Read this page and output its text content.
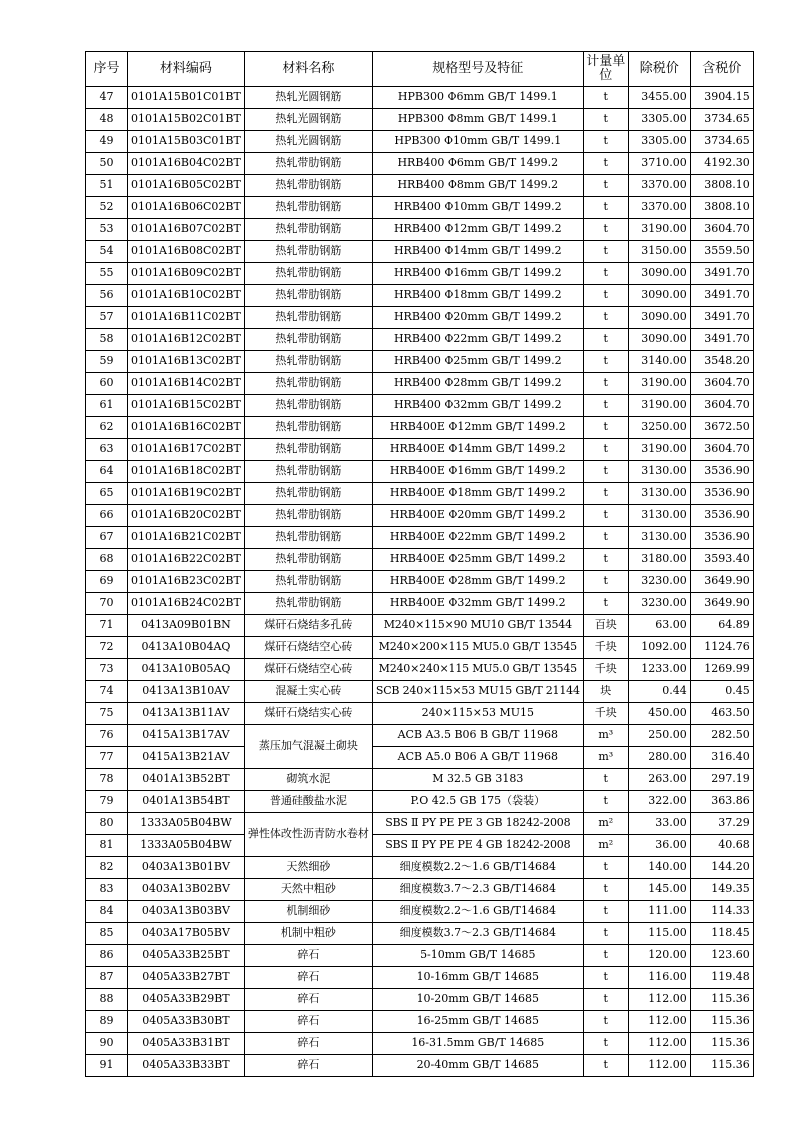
序号	材料编码	材料名称	规格型号及特征	计量单位	除税价	含税价
47	0101A15B01C01BT	热轧光圆钢筋	HPB300 Φ6mm GB/T 1499.1	t	3455.00	3904.15
48	0101A15B02C01BT	热轧光圆钢筋	HPB300 Φ8mm GB/T 1499.1	t	3305.00	3734.65
49	0101A15B03C01BT	热轧光圆钢筋	HPB300 Φ10mm GB/T 1499.1	t	3305.00	3734.65
50	0101A16B04C02BT	热轧带肋钢筋	HRB400 Φ6mm GB/T 1499.2	t	3710.00	4192.30
51	0101A16B05C02BT	热轧带肋钢筋	HRB400 Φ8mm GB/T 1499.2	t	3370.00	3808.10
52	0101A16B06C02BT	热轧带肋钢筋	HRB400 Φ10mm GB/T 1499.2	t	3370.00	3808.10
53	0101A16B07C02BT	热轧带肋钢筋	HRB400 Φ12mm GB/T 1499.2	t	3190.00	3604.70
54	0101A16B08C02BT	热轧带肋钢筋	HRB400 Φ14mm GB/T 1499.2	t	3150.00	3559.50
55	0101A16B09C02BT	热轧带肋钢筋	HRB400 Φ16mm GB/T 1499.2	t	3090.00	3491.70
56	0101A16B10C02BT	热轧带肋钢筋	HRB400 Φ18mm GB/T 1499.2	t	3090.00	3491.70
57	0101A16B11C02BT	热轧带肋钢筋	HRB400 Φ20mm GB/T 1499.2	t	3090.00	3491.70
58	0101A16B12C02BT	热轧带肋钢筋	HRB400 Φ22mm GB/T 1499.2	t	3090.00	3491.70
59	0101A16B13C02BT	热轧带肋钢筋	HRB400 Φ25mm GB/T 1499.2	t	3140.00	3548.20
60	0101A16B14C02BT	热轧带肋钢筋	HRB400 Φ28mm GB/T 1499.2	t	3190.00	3604.70
61	0101A16B15C02BT	热轧带肋钢筋	HRB400 Φ32mm GB/T 1499.2	t	3190.00	3604.70
62	0101A16B16C02BT	热轧带肋钢筋	HRB400E Φ12mm GB/T 1499.2	t	3250.00	3672.50
63	0101A16B17C02BT	热轧带肋钢筋	HRB400E Φ14mm GB/T 1499.2	t	3190.00	3604.70
64	0101A16B18C02BT	热轧带肋钢筋	HRB400E Φ16mm GB/T 1499.2	t	3130.00	3536.90
65	0101A16B19C02BT	热轧带肋钢筋	HRB400E Φ18mm GB/T 1499.2	t	3130.00	3536.90
66	0101A16B20C02BT	热轧带肋钢筋	HRB400E Φ20mm GB/T 1499.2	t	3130.00	3536.90
67	0101A16B21C02BT	热轧带肋钢筋	HRB400E Φ22mm GB/T 1499.2	t	3130.00	3536.90
68	0101A16B22C02BT	热轧带肋钢筋	HRB400E Φ25mm GB/T 1499.2	t	3180.00	3593.40
69	0101A16B23C02BT	热轧带肋钢筋	HRB400E Φ28mm GB/T 1499.2	t	3230.00	3649.90
70	0101A16B24C02BT	热轧带肋钢筋	HRB400E Φ32mm GB/T 1499.2	t	3230.00	3649.90
71	0413A09B01BN	煤矸石烧结多孔砖	M240×115×90 MU10 GB/T 13544	百块	63.00	64.89
72	0413A10B04AQ	煤矸石烧结空心砖	M240×200×115 MU5.0 GB/T 13545	千块	1092.00	1124.76
73	0413A10B05AQ	煤矸石烧结空心砖	M240×240×115 MU5.0 GB/T 13545	千块	1233.00	1269.99
74	0413A13B10AV	混凝土实心砖	SCB 240×115×53 MU15 GB/T 21144	块	0.44	0.45
75	0413A13B11AV	煤矸石烧结实心砖	240×115×53 MU15	千块	450.00	463.50
76	0415A13B17AV	蒸压加气混凝土砌块	ACB A3.5 B06 B GB/T 11968	m³	250.00	282.50
77	0415A13B21AV		ACB A5.0 B06 A GB/T 11968	m³	280.00	316.40
78	0401A13B52BT	砌筑水泥	M 32.5 GB 3183	t	263.00	297.19
79	0401A13B54BT	普通硅酸盐水泥	P.O 42.5 GB 175（袋装）	t	322.00	363.86
80	1333A05B04BW	弹性体改性沥青防水卷材	SBS Ⅱ PY PE PE 3 GB 18242-2008	m²	33.00	37.29
81	1333A05B04BW		SBS Ⅱ PY PE PE 4 GB 18242-2008	m²	36.00	40.68
82	0403A13B01BV	天然细砂	细度模数2.2～1.6 GB/T14684	t	140.00	144.20
83	0403A13B02BV	天然中粗砂	细度模数3.7～2.3 GB/T14684	t	145.00	149.35
84	0403A13B03BV	机制细砂	细度模数2.2～1.6 GB/T14684	t	111.00	114.33
85	0403A17B05BV	机制中粗砂	细度模数3.7～2.3 GB/T14684	t	115.00	118.45
86	0405A33B25BT	碎石	5-10mm GB/T 14685	t	120.00	123.60
87	0405A33B27BT	碎石	10-16mm GB/T 14685	t	116.00	119.48
88	0405A33B29BT	碎石	10-20mm GB/T 14685	t	112.00	115.36
89	0405A33B30BT	碎石	16-25mm GB/T 14685	t	112.00	115.36
90	0405A33B31BT	碎石	16-31.5mm GB/T 14685	t	112.00	115.36
91	0405A33B33BT	碎石	20-40mm GB/T 14685	t	112.00	115.36
